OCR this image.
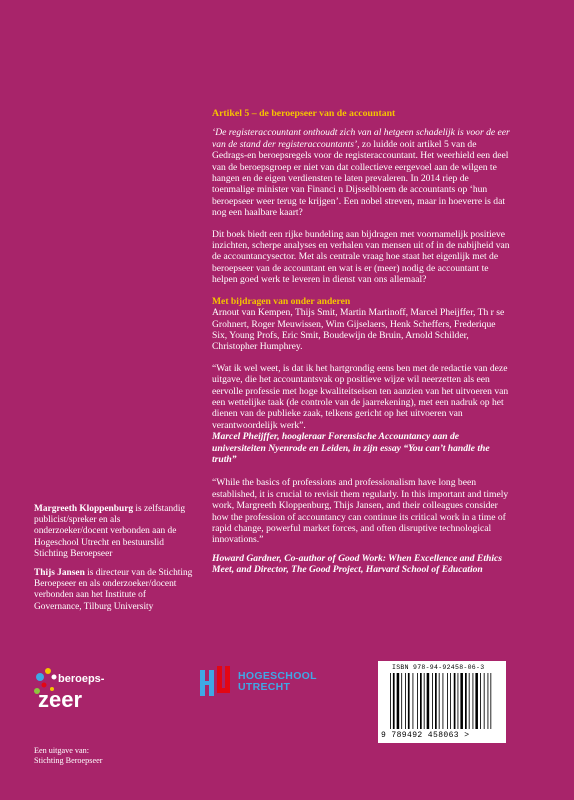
Artikel 5 – de beroepseer van de accountant

‘De registeraccountant onthoudt zich van al hetgeen schadelijk is voor de eer van de stand der registeraccountants’, zo luidde ooit artikel 5 van de Gedrags-en beroepsregels voor de registeraccountant. Het weerhield een deel van de beroepsgroep er niet van dat collectieve eergevoel aan de wilgen te hangen en de eigen verdiensten te laten prevaleren. In 2014 riep de toenmalige minister van Financi n Dijsselbloem de accountants op ‘hun beroepseer weer terug te krijgen’. Een nobel streven, maar in hoeverre is dat nog een haalbare kaart?

Dit boek biedt een rijke bundeling aan bijdragen met voornamelijk positieve inzichten, scherpe analyses en verhalen van mensen uit of in de nabijheid van de accountancysector. Met als centrale vraag hoe staat het eigenlijk met de beroepseer van de accountant en wat is er (meer) nodig de accountant te helpen goed werk te leveren in dienst van ons allemaal?

Met bijdragen van onder anderen

Arnout van Kempen, Thijs Smit, Martin Martinoff, Marcel Pheijffer, Th r se Grohnert, Roger Meuwissen, Wim Gijselaers, Henk Scheffers, Frederique Six, Young Profs, Eric Smit, Boudewijn de Bruin, Arnold Schilder, Christopher Humphrey.

“Wat ik wel weet, is dat ik het hartgrondig eens ben met de redactie van deze uitgave, die het accountantsvak op positieve wijze wil neerzetten als een eervolle professie met hoge kwaliteitseisen ten aanzien van het uitvoeren van een wettelijke taak (de controle van de jaarrekening), met een nadruk op het dienen van de publieke zaak, telkens gericht op het uitvoeren van verantwoordelijk werk”.

Marcel Pheijffer, hoogleraar Forensische Accountancy aan de universiteiten Nyenrode en Leiden, in zijn essay “You can’t handle the truth”

“While the basics of professions and professionalism have long been established, it is crucial to revisit them regularly. In this important and timely work, Margreeth Kloppenburg, Thijs Jansen, and their colleagues consider how the profession of accountancy can continue its critical work in a time of rapid change, powerful market forces, and often disruptive technological innovations.”

Howard Gardner, Co-author of Good Work: When Excellence and Ethics Meet, and Director, The Good Project, Harvard School of Education

Margreeth Kloppenburg is zelfstandig publicist/spreker en als onderzoeker/docent verbonden aan de Hogeschool Utrecht en bestuurslid Stichting Beroepseer

Thijs Jansen is directeur van de Stichting Beroepseer en als onderzoeker/docent verbonden aan het Institute of Governance, Tilburg University

beroeps-
zeer
Een uitgave van:
Stichting Beroepseer
HOGESCHOOL
UTRECHT
ISBN 978-94-92458-06-3
9 789492 458063 >
